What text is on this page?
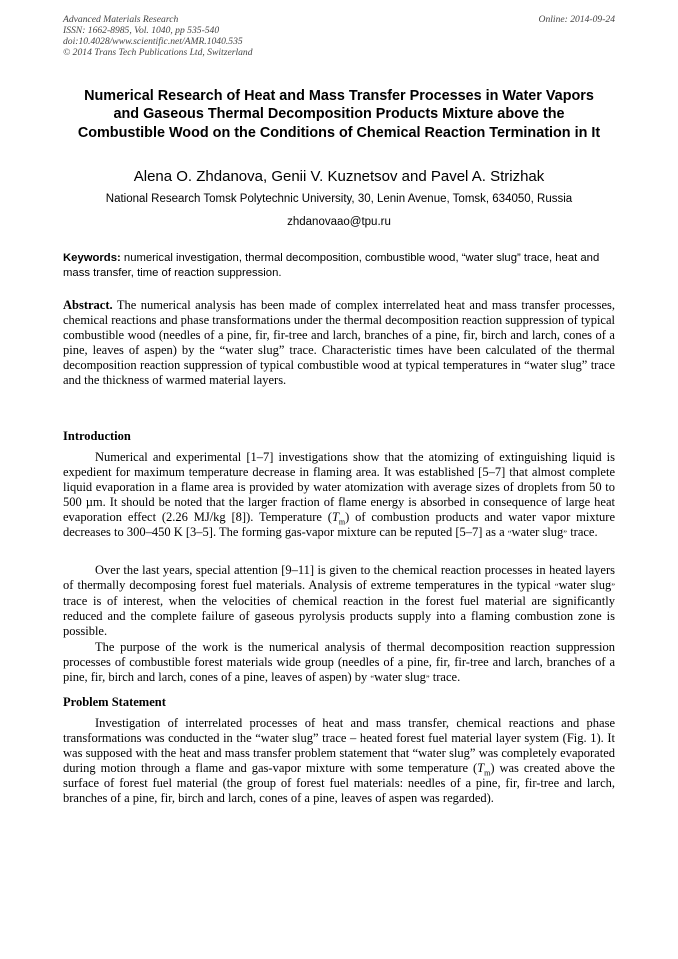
Advanced Materials Research
ISSN: 1662-8985, Vol. 1040, pp 535-540
doi:10.4028/www.scientific.net/AMR.1040.535
© 2014 Trans Tech Publications Ltd, Switzerland
Online: 2014-09-24
Numerical Research of Heat and Mass Transfer Processes in Water Vapors and Gaseous Thermal Decomposition Products Mixture above the Combustible Wood on the Conditions of Chemical Reaction Termination in It
Alena O. Zhdanova, Genii V. Kuznetsov and Pavel A. Strizhak
National Research Tomsk Polytechnic University, 30, Lenin Avenue, Tomsk, 634050, Russia
zhdanovaao@tpu.ru
Keywords: numerical investigation, thermal decomposition, combustible wood, “water slug” trace, heat and mass transfer, time of reaction suppression.

Abstract. The numerical analysis has been made of complex interrelated heat and mass transfer processes, chemical reactions and phase transformations under the thermal decomposition reaction suppression of typical combustible wood (needles of a pine, fir, fir-tree and larch, branches of a pine, fir, birch and larch, cones of a pine, leaves of aspen) by the “water slug” trace. Characteristic times have been calculated of the thermal decomposition reaction suppression of typical combustible wood at typical temperatures in “water slug” trace and the thickness of warmed material layers.

Introduction

Numerical and experimental [1–7] investigations show that the atomizing of extinguishing liquid is expedient for maximum temperature decrease in flaming area. It was established [5–7] that almost complete liquid evaporation in a flame area is provided by water atomization with average sizes of droplets from 50 to 500 µm. It should be noted that the larger fraction of flame energy is absorbed in consequence of large heat evaporation effect (2.26 MJ/kg [8]). Temperature $(T_m)$ of combustion products and water vapor mixture decreases to 300–450 K [3–5]. The forming gas-vapor mixture can be reputed [5–7] as a “water slug” trace.

Over the last years, special attention [9–11] is given to the chemical reaction processes in heated layers of thermally decomposing forest fuel materials. Analysis of extreme temperatures in the typical “water slug” trace is of interest, when the velocities of chemical reaction in the forest fuel material are significantly reduced and the complete failure of gaseous pyrolysis products supply into a flaming combustion zone is possible.

The purpose of the work is the numerical analysis of thermal decomposition reaction suppression processes of combustible forest materials wide group (needles of a pine, fir, fir-tree and larch, branches of a pine, fir, birch and larch, cones of a pine, leaves of aspen) by “water slug” trace.

Problem Statement

Investigation of interrelated processes of heat and mass transfer, chemical reactions and phase transformations was conducted in the “water slug” trace – heated forest fuel material layer system (Fig. 1). It was supposed with the heat and mass transfer problem statement that “water slug” was completely evaporated during motion through a flame and gas-vapor mixture with some temperature $(T_m)$ was created above the surface of forest fuel material (the group of forest fuel materials: needles of a pine, fir, fir-tree and larch, branches of a pine, fir, birch and larch, cones of a pine, leaves of aspen was regarded).
